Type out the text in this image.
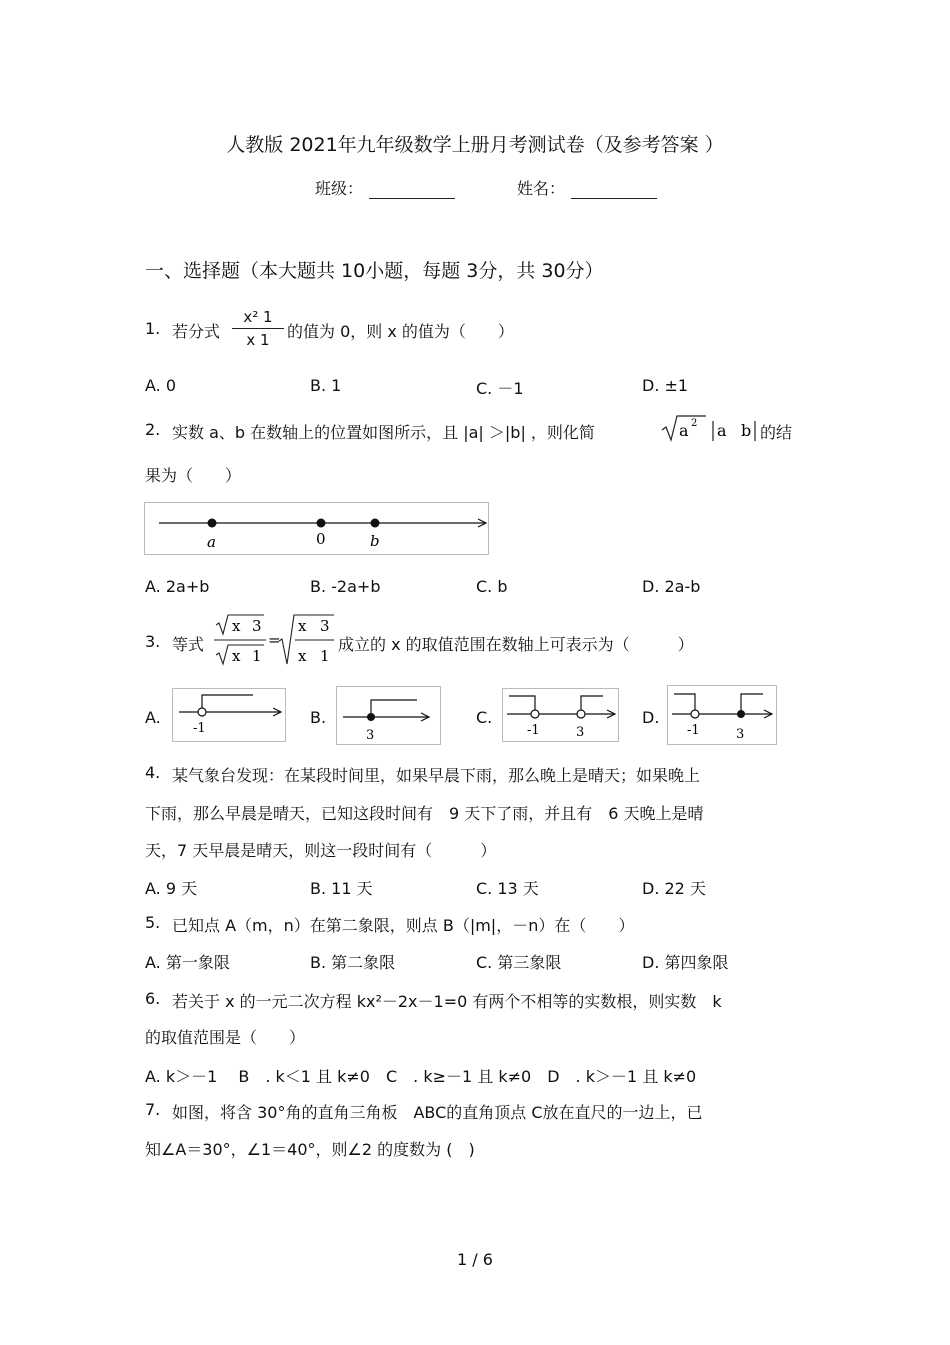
人教版 2021年九年级数学上册月考测试卷（及参考答案 ）
班级：	姓名：
一、选择题（本大题共 10小题，每题 3分，共 30分）
1. 若分式
x² 1
x 1	的值为 0，则 x 的值为（　　）
A. 0	B. 1	C. －1	D. ±1
2. 实数 a、b 在数轴上的位置如图所示，且 |a| ＞|b| ，则化简	a 2 a b 的结
果为（　　）
a	0	b
A. 2a+b	B. -2a+b	C. b	D. 2a-b
3. 等式
x 3
x 1
=
x 3
x 1
成立的 x 的取值范围在数轴上可表示为（　　　）
A.
-1
B.
3
C.
-1	3
D.
-1	3
4. 某气象台发现：在某段时间里，如果早晨下雨，那么晚上是晴天；如果晚上
下雨，那么早晨是晴天，已知这段时间有　9 天下了雨，并且有　6 天晚上是晴
天，7 天早晨是晴天，则这一段时间有（　　　）
A. 9 天	B. 11 天	C. 13 天	D. 22 天
5. 已知点 A（m，n）在第二象限，则点 B（|m|，－n）在（　　）
A. 第一象限	B. 第二象限	C. 第三象限	D. 第四象限
6. 若关于 x 的一元二次方程 kx²－2x－1=0 有两个不相等的实数根，则实数　k
的取值范围是（　　）
A. k＞－1　 B　. k＜1 且 k≠0　C　. k≥－1 且 k≠0　D　. k＞－1 且 k≠0
7. 如图，将含 30°角的直角三角板　ABC的直角顶点 C放在直尺的一边上，已
知∠A＝30°，∠1＝40°，则∠2 的度数为 (　)
1 / 6
